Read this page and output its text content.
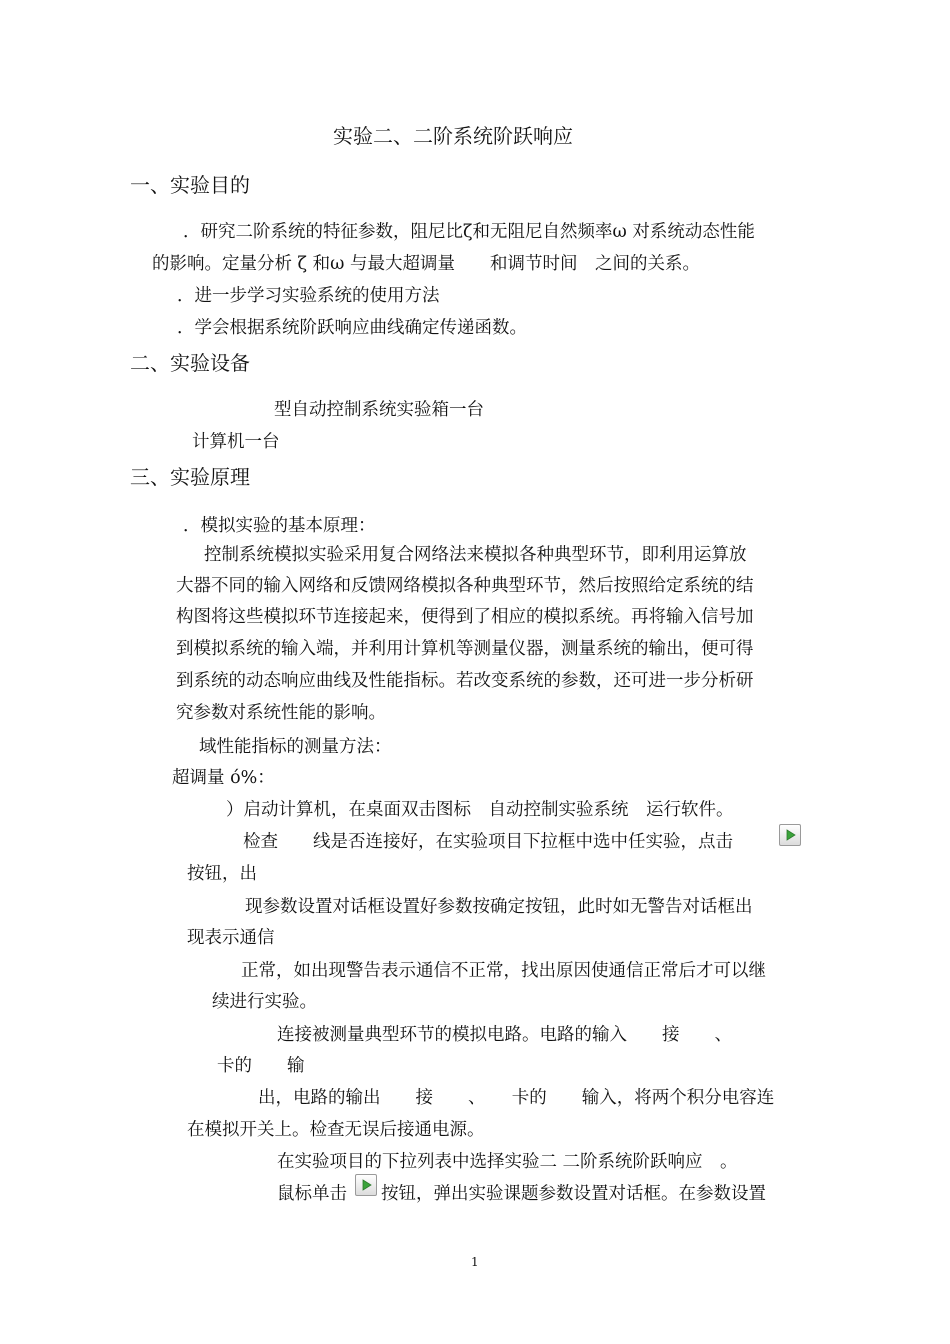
实验二、二阶系统阶跃响应
一、实验目的
．研究二阶系统的特征参数，阻尼比ζ和无阻尼自然频率ω 对系统动态性能
的影响。定量分析 ζ 和ω 与最大超调量　　和调节时间　之间的关系。
．进一步学习实验系统的使用方法
．学会根据系统阶跃响应曲线确定传递函数。
二、实验设备
型自动控制系统实验箱一台
计算机一台
三、实验原理
．模拟实验的基本原理：
控制系统模拟实验采用复合网络法来模拟各种典型环节，即利用运算放
大器不同的输入网络和反馈网络模拟各种典型环节，然后按照给定系统的结
构图将这些模拟环节连接起来，便得到了相应的模拟系统。再将输入信号加
到模拟系统的输入端，并利用计算机等测量仪器，测量系统的输出，便可得
到系统的动态响应曲线及性能指标。若改变系统的参数，还可进一步分析研
究参数对系统性能的影响。
域性能指标的测量方法：
超调量 ó%：
）启动计算机，在桌面双击图标　自动控制实验系统　运行软件。
检查　　线是否连接好，在实验项目下拉框中选中任实验，点击
按钮，出
现参数设置对话框设置好参数按确定按钮，此时如无警告对话框出
现表示通信
正常，如出现警告表示通信不正常，找出原因使通信正常后才可以继
续进行实验。
连接被测量典型环节的模拟电路。电路的输入　　接　　、
卡的　　输
出，电路的输出　　接　　、　　卡的　　输入，将两个积分电容连
在模拟开关上。检查无误后接通电源。
在实验项目的下拉列表中选择实验二 二阶系统阶跃响应　。
鼠标单击 按钮，弹出实验课题参数设置对话框。在参数设置
1
